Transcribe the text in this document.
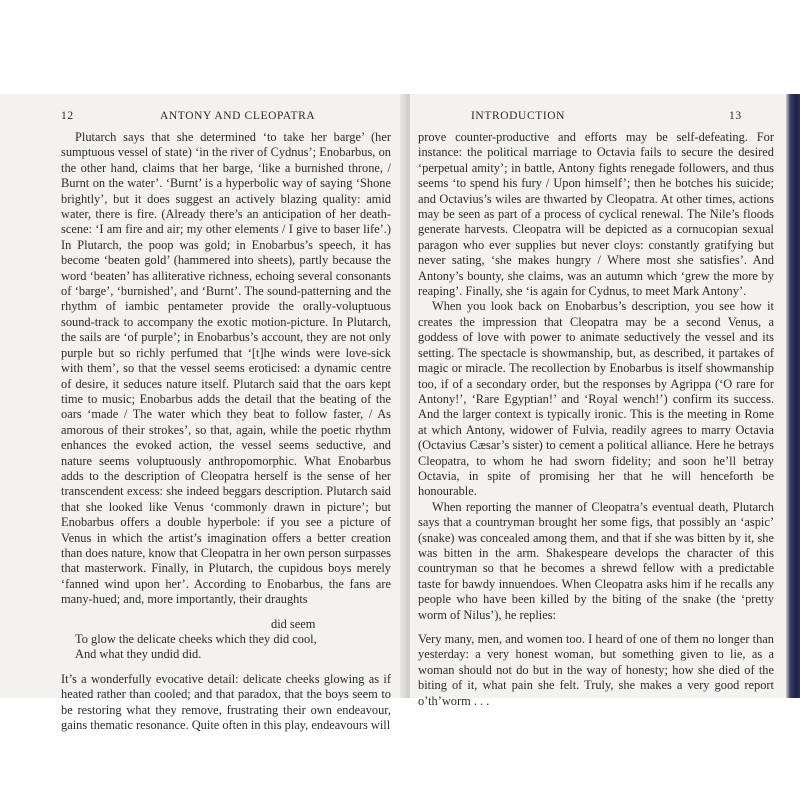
12	ANTONY AND CLEOPATRA

Plutarch says that she determined ‘to take her barge’ (her sumptuous vessel of state) ‘in the river of Cydnus’; Enobarbus, on the other hand, claims that her barge, ‘like a burnished throne, / Burnt on the water’. ‘Burnt’ is a hyperbolic way of saying ‘Shone brightly’, but it does suggest an actively blazing quality: amid water, there is fire. (Already there’s an anticipation of her death-scene: ‘I am fire and air; my other elements / I give to baser life’.) In Plutarch, the poop was gold; in Enobarbus’s speech, it has become ‘beaten gold’ (hammered into sheets), partly because the word ‘beaten’ has alliterative richness, echoing several consonants of ‘barge’, ‘burnished’, and ‘Burnt’. The sound-patterning and the rhythm of iambic pentameter provide the orally-voluptuous sound-track to accompany the exotic motion-picture. In Plutarch, the sails are ‘of purple’; in Enobarbus’s account, they are not only purple but so richly perfumed that ‘[t]he winds were love-sick with them’, so that the vessel seems eroticised: a dynamic centre of desire, it seduces nature itself. Plutarch said that the oars kept time to music; Enobarbus adds the detail that the beating of the oars ‘made / The water which they beat to follow faster, / As amorous of their strokes’, so that, again, while the poetic rhythm enhances the evoked action, the vessel seems seductive, and nature seems voluptuously anthropomorphic. What Enobarbus adds to the description of Cleopatra herself is the sense of her transcendent excess: she indeed beggars description. Plutarch said that she looked like Venus ‘commonly drawn in picture’; but Enobarbus offers a double hyperbole: if you see a picture of Venus in which the artist’s imagination offers a better creation than does nature, know that Cleopatra in her own person surpasses that masterwork. Finally, in Plutarch, the cupidous boys merely ‘fanned wind upon her’. According to Enobarbus, the fans are many-hued; and, more importantly, their draughts

did seem
To glow the delicate cheeks which they did cool,
And what they undid did.

It’s a wonderfully evocative detail: delicate cheeks glowing as if heated rather than cooled; and that paradox, that the boys seem to be restoring what they remove, frustrating their own endeavour, gains thematic resonance. Quite often in this play, endeavours will

INTRODUCTION	13

prove counter-productive and efforts may be self-defeating. For instance: the political marriage to Octavia fails to secure the desired ‘perpetual amity’; in battle, Antony fights renegade followers, and thus seems ‘to spend his fury / Upon himself’; then he botches his suicide; and Octavius’s wiles are thwarted by Cleopatra. At other times, actions may be seen as part of a process of cyclical renewal. The Nile’s floods generate harvests. Cleopatra will be depicted as a cornucopian sexual paragon who ever supplies but never cloys: constantly gratifying but never sating, ‘she makes hungry / Where most she satisfies’. And Antony’s bounty, she claims, was an autumn which ‘grew the more by reaping’. Finally, she ‘is again for Cydnus, to meet Mark Antony’.

When you look back on Enobarbus’s description, you see how it creates the impression that Cleopatra may be a second Venus, a goddess of love with power to animate seductively the vessel and its setting. The spectacle is showmanship, but, as described, it partakes of magic or miracle. The recollection by Enobarbus is itself showmanship too, if of a secondary order, but the responses by Agrippa (‘O rare for Antony!’, ‘Rare Egyptian!’ and ‘Royal wench!’) confirm its success. And the larger context is typically ironic. This is the meeting in Rome at which Antony, widower of Fulvia, readily agrees to marry Octavia (Octavius Cæsar’s sister) to cement a political alliance. Here he betrays Cleopatra, to whom he had sworn fidelity; and soon he’ll betray Octavia, in spite of promising her that he will henceforth be honourable.

When reporting the manner of Cleopatra’s eventual death, Plutarch says that a countryman brought her some figs, that possibly an ‘aspic’ (snake) was concealed among them, and that if she was bitten by it, she was bitten in the arm. Shakespeare develops the character of this countryman so that he becomes a shrewd fellow with a predictable taste for bawdy innuendoes. When Cleopatra asks him if he recalls any people who have been killed by the biting of the snake (the ‘pretty worm of Nilus’), he replies:

Very many, men, and women too. I heard of one of them no longer than yesterday: a very honest woman, but something given to lie, as a woman should not do but in the way of honesty; how she died of the biting of it, what pain she felt. Truly, she makes a very good report o’th’worm . . .
